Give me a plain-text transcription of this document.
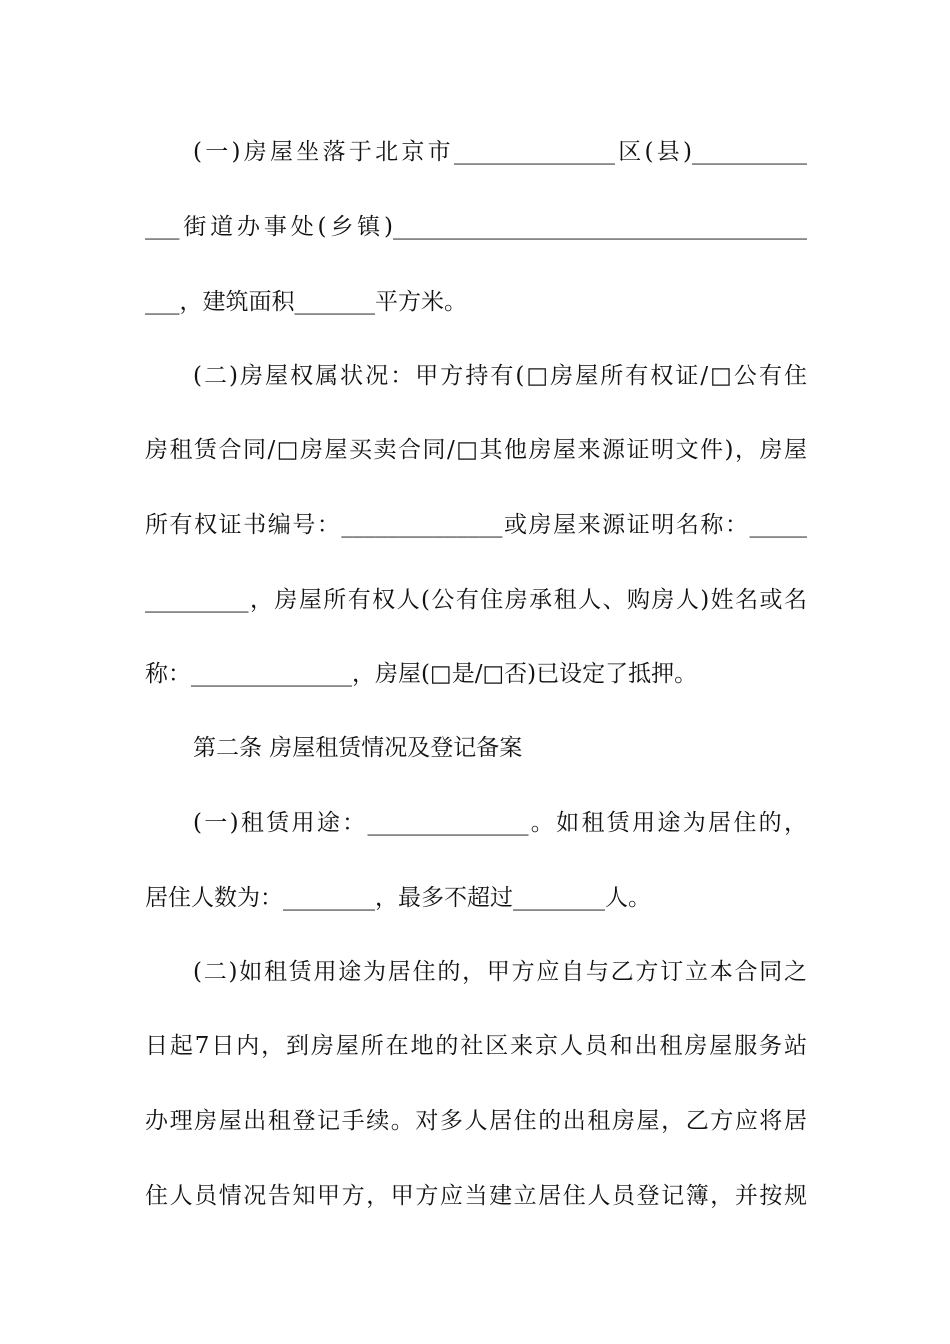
(一)房屋坐落于北京市______________区(县)__________
___街道办事处(乡镇)____________________________________
___，建筑面积_______平方米。
(二)房屋权属状况：甲方持有(□房屋所有权证/□公有住
房租赁合同/□房屋买卖合同/□其他房屋来源证明文件)，房屋
所有权证书编号：______________或房屋来源证明名称：_____
_________，房屋所有权人(公有住房承租人、购房人)姓名或名
称：______________，房屋(□是/□否)已设定了抵押。
第二条 房屋租赁情况及登记备案
(一)租赁用途：______________。如租赁用途为居住的，
居住人数为：________，最多不超过________人。
(二)如租赁用途为居住的，甲方应自与乙方订立本合同之
日起7日内，到房屋所在地的社区来京人员和出租房屋服务站
办理房屋出租登记手续。对多人居住的出租房屋，乙方应将居
住人员情况告知甲方，甲方应当建立居住人员登记簿，并按规
